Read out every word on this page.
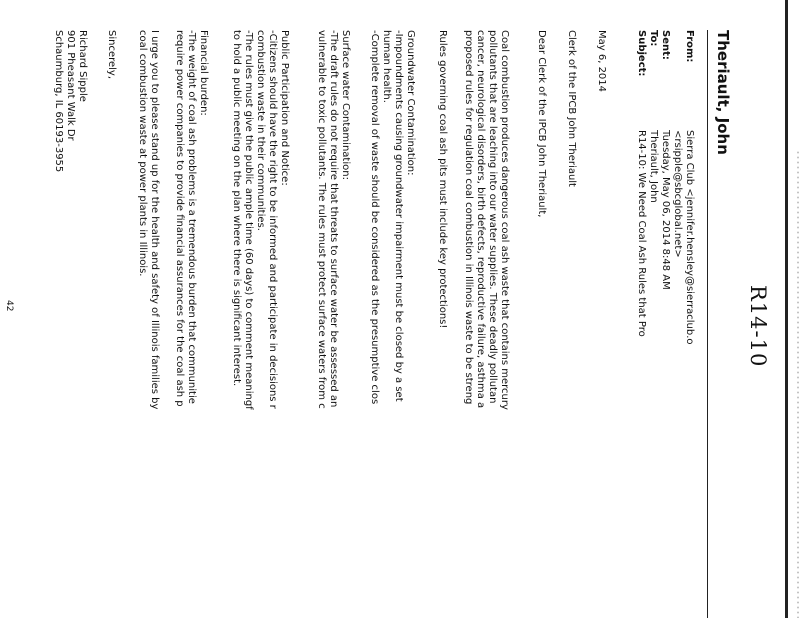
R14-10
Theriault, John
From:
Sierra Club <jennifer.hensley@sierraclub.o
<rsipple@sbcglobal.net>
Sent:
Tuesday, May 06, 2014 8:48 AM
To:
Theriault, John
Subject:
R14-10: We Need Coal Ash Rules that Pro
May 6, 2014
Clerk of the IPCB John Theriault
Dear Clerk of the IPCB John Theriault,
Coal combustion produces dangerous coal ash waste that contains mercury
pollutants that are leaching into our water supplies. These deadly pollutan
cancer, neurological disorders, birth defects, reproductive failure, asthma a
proposed rules for regulation coal combustion in Illinois waste to be streng
Rules governing coal ash pits must include key protections!
Groundwater Contamination:
-Impoundments causing groundwater impairment must be closed by a set
human health.
-Complete removal of waste should be considered as the presumptive clos
Surface water Contamination:
-The draft rules do not require that threats to surface water be assessed an
vulnerable to toxic pollutants. The rules must protect surface waters from c
Public Participation and Notice:
-Citizens should have the right to be informed and participate in decisions r
combustion waste in their communities.
-The rules must give the public ample time (60 days) to comment meaningf
to hold a public meeting on the plan where there is significant interest.
Financial burden:
-The weight of coal ash problems is a tremendous burden that communitie
require power companies to provide financial assurances for the coal ash p
I urge you to please stand up for the health and safety of Illinois families by
coal combustion waste at power plants in Illinois.
Sincerely,
Richard Sipple
901 Pheasant Walk Dr
Schaumburg, IL 60193-3955
42
